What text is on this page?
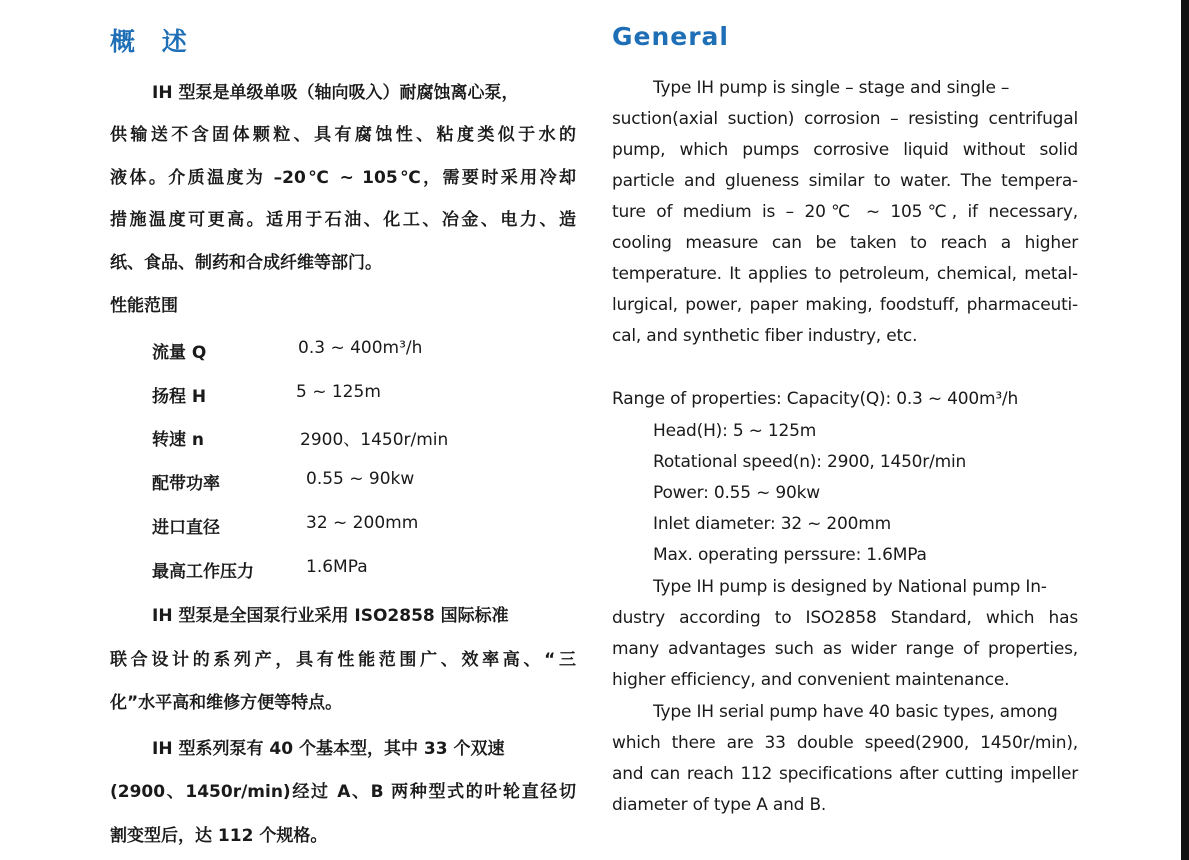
概 述
IH 型泵是单级单吸（轴向吸入）耐腐蚀离心泵，
供输送不含固体颗粒、具有腐蚀性、粘度类似于水的
液体。介质温度为 –20℃ ~ 105℃，需要时采用冷却
措施温度可更高。适用于石油、化工、冶金、电力、造
纸、食品、制药和合成纤维等部门。
性能范围
流量 Q	0.3 ~ 400m³/h
扬程 H	5 ~ 125m
转速 n	2900、1450r/min
配带功率	0.55 ~ 90kw
进口直径	32 ~ 200mm
最高工作压力	1.6MPa
IH 型泵是全国泵行业采用 ISO2858 国际标准
联合设计的系列产，具有性能范围广、效率高、“三
化”水平高和维修方便等特点。
IH 型系列泵有 40 个基本型，其中 33 个双速
(2900、1450r/min)经过 A、B 两种型式的叶轮直径切
割变型后，达 112 个规格。
General
Type IH pump is single – stage and single –
suction(axial suction) corrosion – resisting centrifugal
pump, which pumps corrosive liquid without solid
particle and glueness similar to water. The tempera-
ture of medium is – 20℃ ~ 105℃, if necessary,
cooling measure can be taken to reach a higher
temperature. It applies to petroleum, chemical, metal-
lurgical, power, paper making, foodstuff, pharmaceuti-
cal, and synthetic fiber industry, etc.
Range of properties: Capacity(Q): 0.3 ~ 400m³/h
Head(H): 5 ~ 125m
Rotational speed(n): 2900, 1450r/min
Power: 0.55 ~ 90kw
Inlet diameter: 32 ~ 200mm
Max. operating perssure: 1.6MPa
Type IH pump is designed by National pump In-
dustry according to ISO2858 Standard, which has
many advantages such as wider range of properties,
higher efficiency, and convenient maintenance.
Type IH serial pump have 40 basic types, among
which there are 33 double speed(2900, 1450r/min),
and can reach 112 specifications after cutting impeller
diameter of type A and B.
